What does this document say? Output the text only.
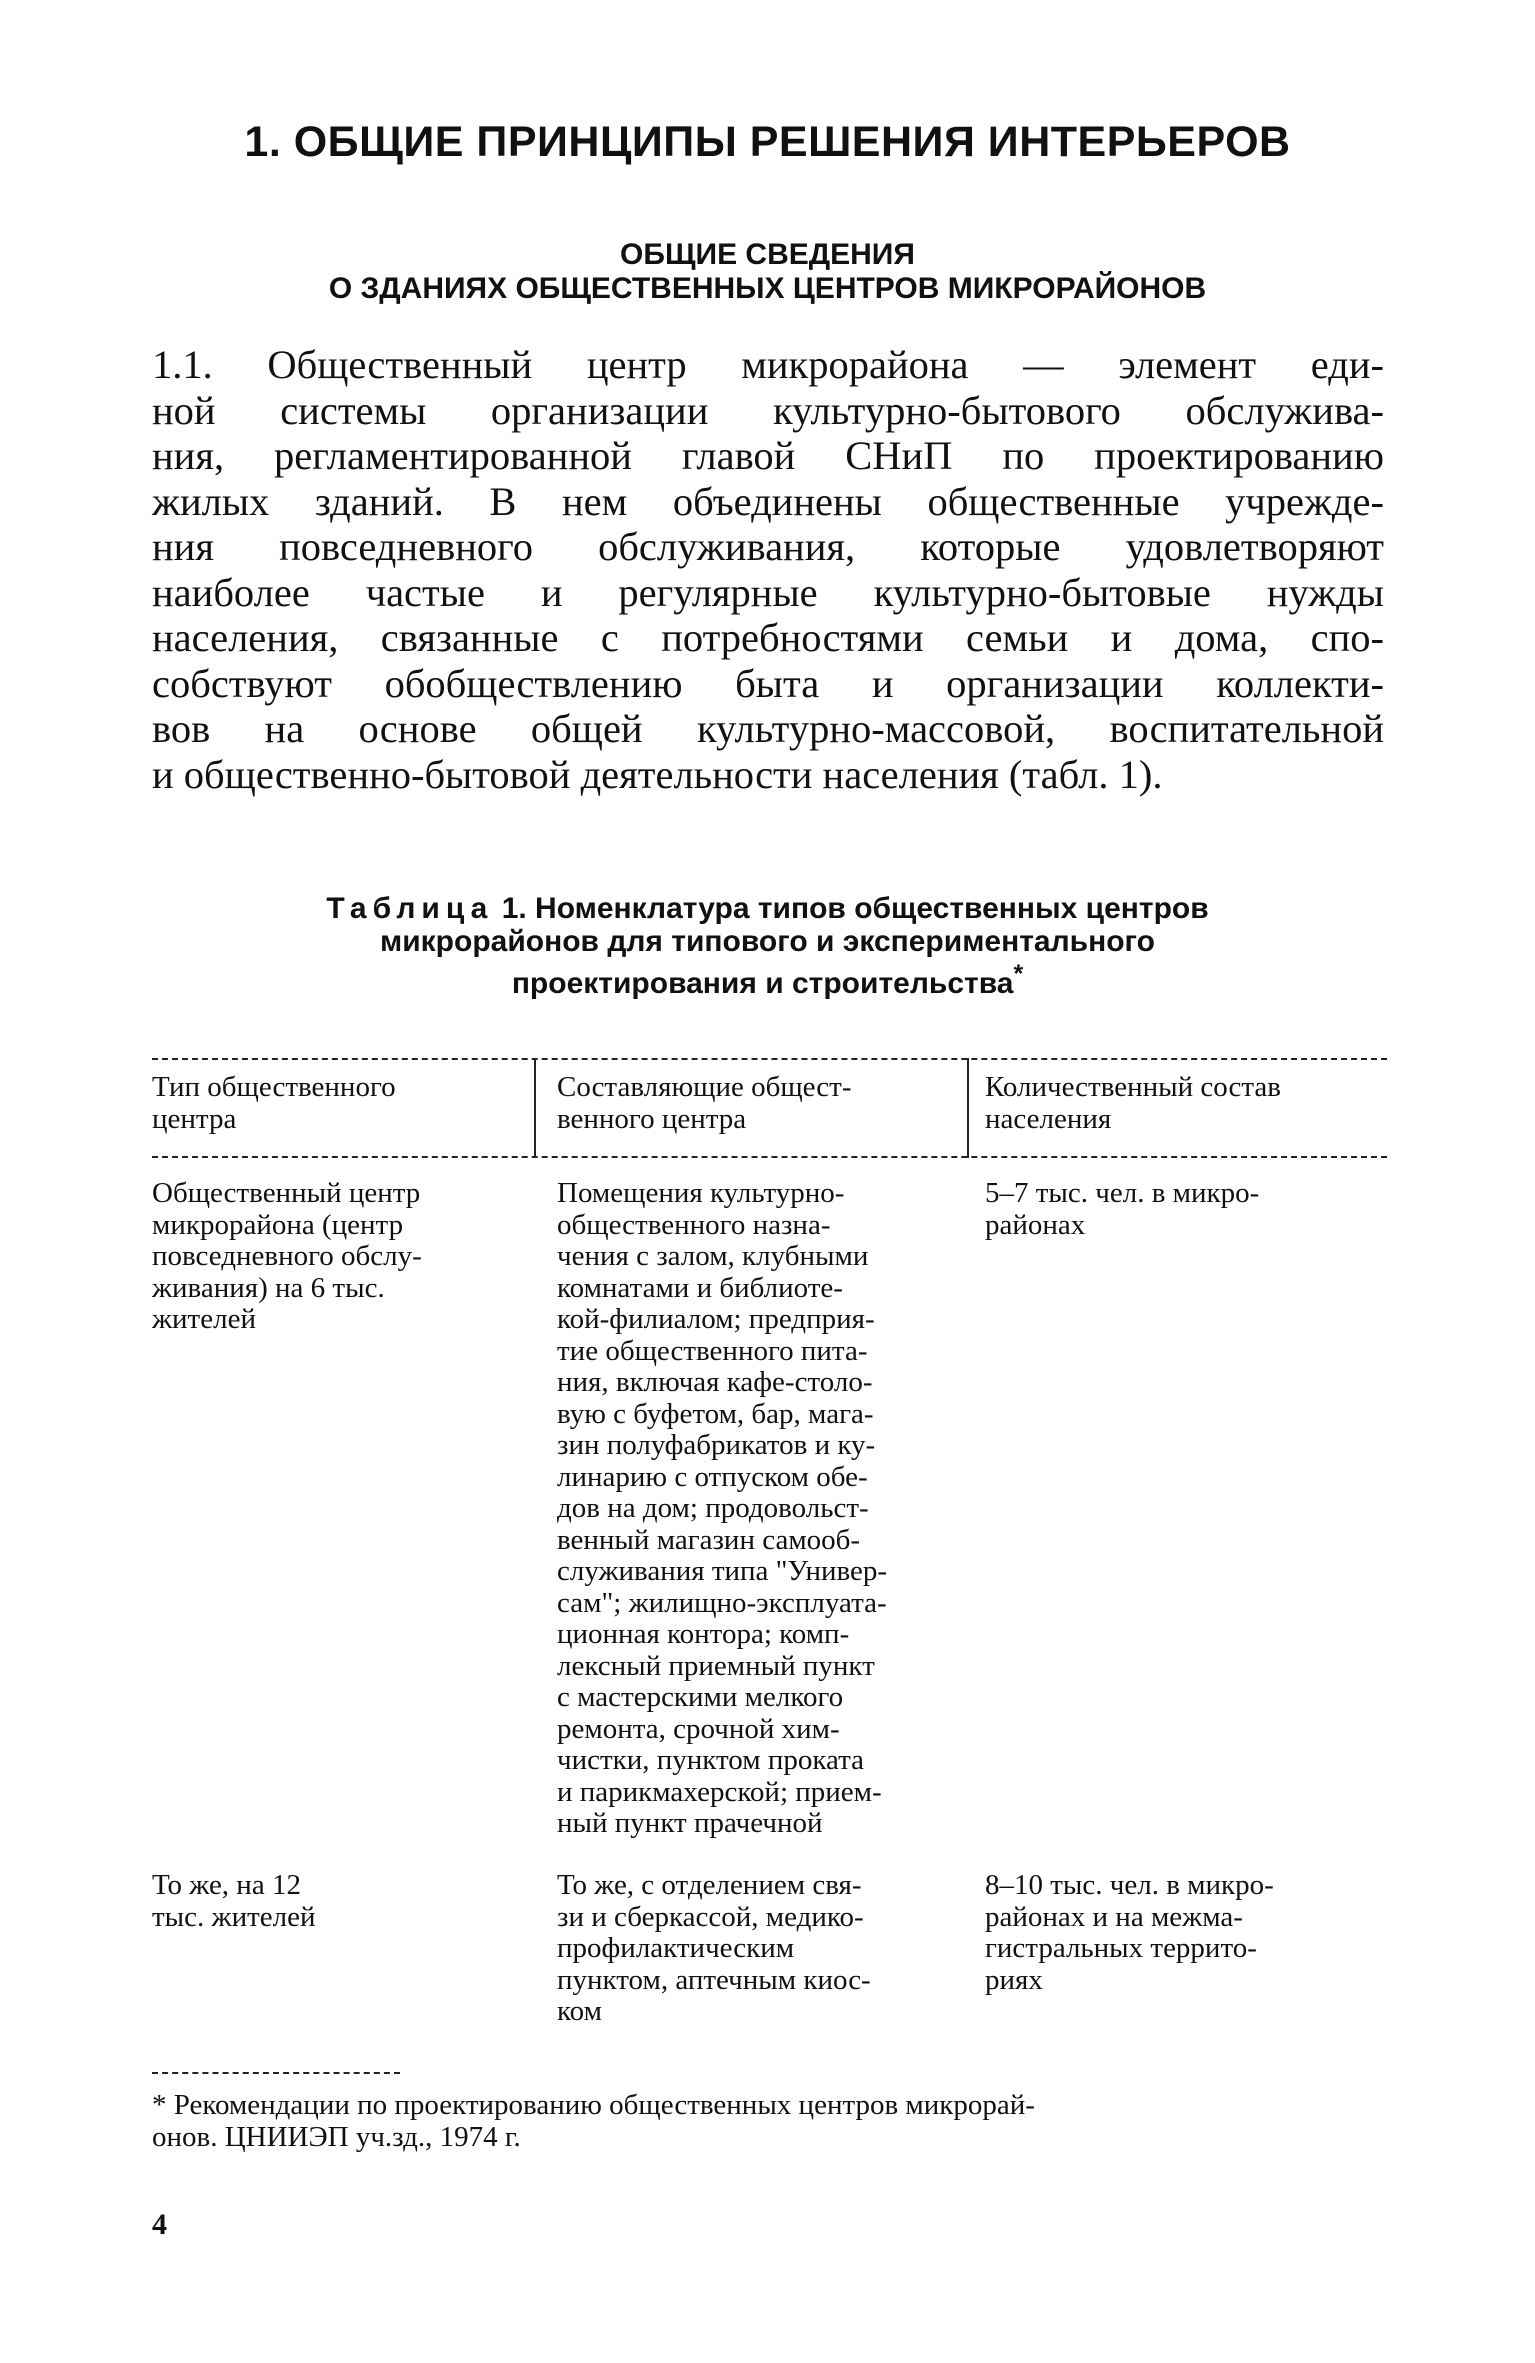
1. ОБЩИЕ ПРИНЦИПЫ РЕШЕНИЯ ИНТЕРЬЕРОВ
ОБЩИЕ СВЕДЕНИЯ
О ЗДАНИЯХ ОБЩЕСТВЕННЫХ ЦЕНТРОВ МИКРОРАЙОНОВ
1.1. Общественный центр микрорайона — элемент еди-
ной системы организации культурно-бытового обслужива-
ния, регламентированной главой СНиП по проектированию
жилых зданий. В нем объединены общественные учрежде-
ния повседневного обслуживания, которые удовлетворяют
наиболее частые и регулярные культурно-бытовые нужды
населения, связанные с потребностями семьи и дома, спо-
собствуют обобществлению быта и организации коллекти-
вов на основе общей культурно-массовой, воспитательной
и общественно-бытовой деятельности населения (табл. 1).
Таблица 1. Номенклатура типов общественных центров
микрорайонов для типового и экспериментального
проектирования и строительства*
Тип общественного
центра
Составляющие общест-
венного центра
Количественный состав
населения
Общественный центр
микрорайона (центр
повседневного обслу-
живания) на 6 тыс.
жителей
Помещения культурно-
общественного назна-
чения с залом, клубными
комнатами и библиоте-
кой-филиалом; предприя-
тие общественного пита-
ния, включая кафе-столо-
вую с буфетом, бар, мага-
зин полуфабрикатов и ку-
линарию с отпуском обе-
дов на дом; продовольст-
венный магазин самооб-
служивания типа "Универ-
сам"; жилищно-эксплуата-
ционная контора; комп-
лексный приемный пункт
с мастерскими мелкого
ремонта, срочной хим-
чистки, пунктом проката
и парикмахерской; прием-
ный пункт прачечной
5–7 тыс. чел. в микро-
районах
То же, на 12
тыс. жителей
То же, с отделением свя-
зи и сберкассой, медико-
профилактическим
пунктом, аптечным киос-
ком
8–10 тыс. чел. в микро-
районах и на межма-
гистральных террито-
риях
* Рекомендации по проектированию общественных центров микрорай-
онов. ЦНИИЭП уч.зд., 1974 г.
4
